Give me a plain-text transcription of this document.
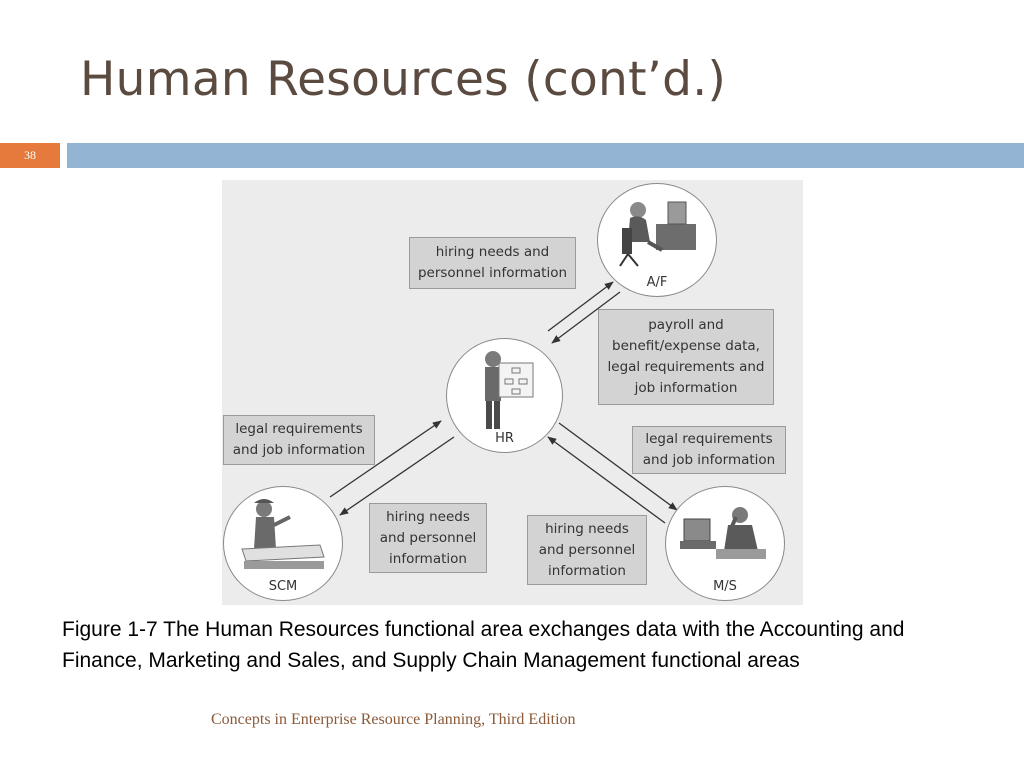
Human Resources (cont’d.)
38
A/F
HR
SCM	M/S
hiring needs and
personnel information
payroll and
benefit/expense data,
legal requirements and
job information
legal requirements
and job information
legal requirements
and job information
hiring needs
and personnel
information
hiring needs
and personnel
information
Figure 1-7 The Human Resources functional area exchanges data with the Accounting and Finance, Marketing and Sales, and Supply Chain Management functional areas
Concepts in Enterprise Resource Planning, Third Edition
